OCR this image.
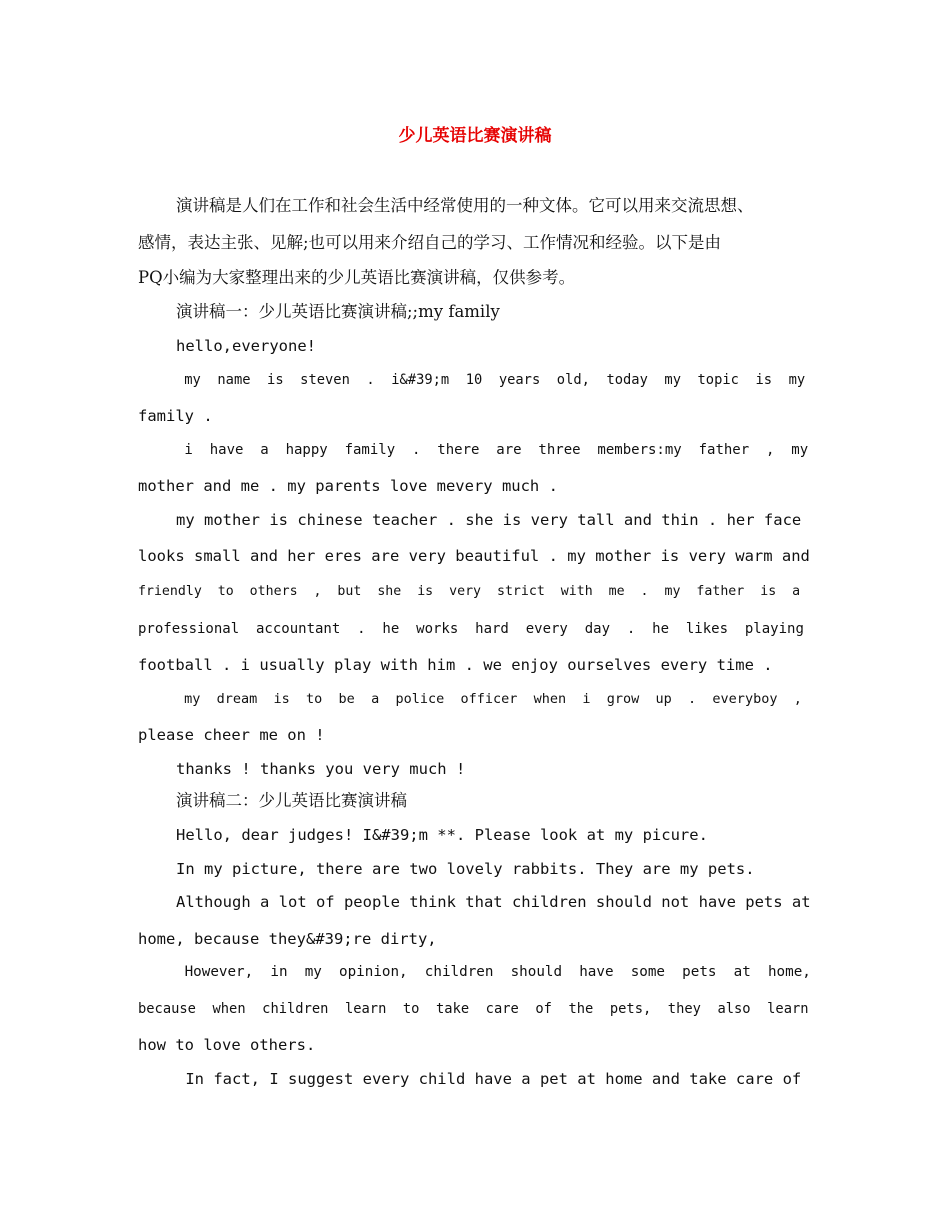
少儿英语比赛演讲稿
演讲稿是人们在工作和社会生活中经常使用的一种文体。它可以用来交流思想、
感情，表达主张、见解;也可以用来介绍自己的学习、工作情况和经验。以下是由
PQ小编为大家整理出来的少儿英语比赛演讲稿，仅供参考。
演讲稿一：少儿英语比赛演讲稿;;my family
hello,everyone!
my  name  is  steven  .  i&#39;m  10  years  old,  today  my  topic  is  my
family .
i  have  a  happy  family  .  there  are  three  members:my  father  ,  my
mother and me . my parents love mevery much .
my mother is chinese teacher . she is very tall and thin . her face
looks small and her eres are very beautiful . my mother is very warm and
friendly  to  others  ,  but  she  is  very  strict  with  me  .  my  father  is  a
professional  accountant  .  he  works  hard  every  day  .  he  likes  playing
football . i usually play with him . we enjoy ourselves every time .
my  dream  is  to  be  a  police  officer  when  i  grow  up  .  everyboy  ,
please cheer me on !
thanks ! thanks you very much !
演讲稿二：少儿英语比赛演讲稿
Hello, dear judges! I&#39;m **. Please look at my picure.
In my picture, there are two lovely rabbits. They are my pets.
Although a lot of people think that children should not have pets at
home, because they&#39;re dirty,
However,  in  my  opinion,  children  should  have  some  pets  at  home,
because  when  children  learn  to  take  care  of  the  pets,  they  also  learn
how to love others.
In fact, I suggest every child have a pet at home and take care of
